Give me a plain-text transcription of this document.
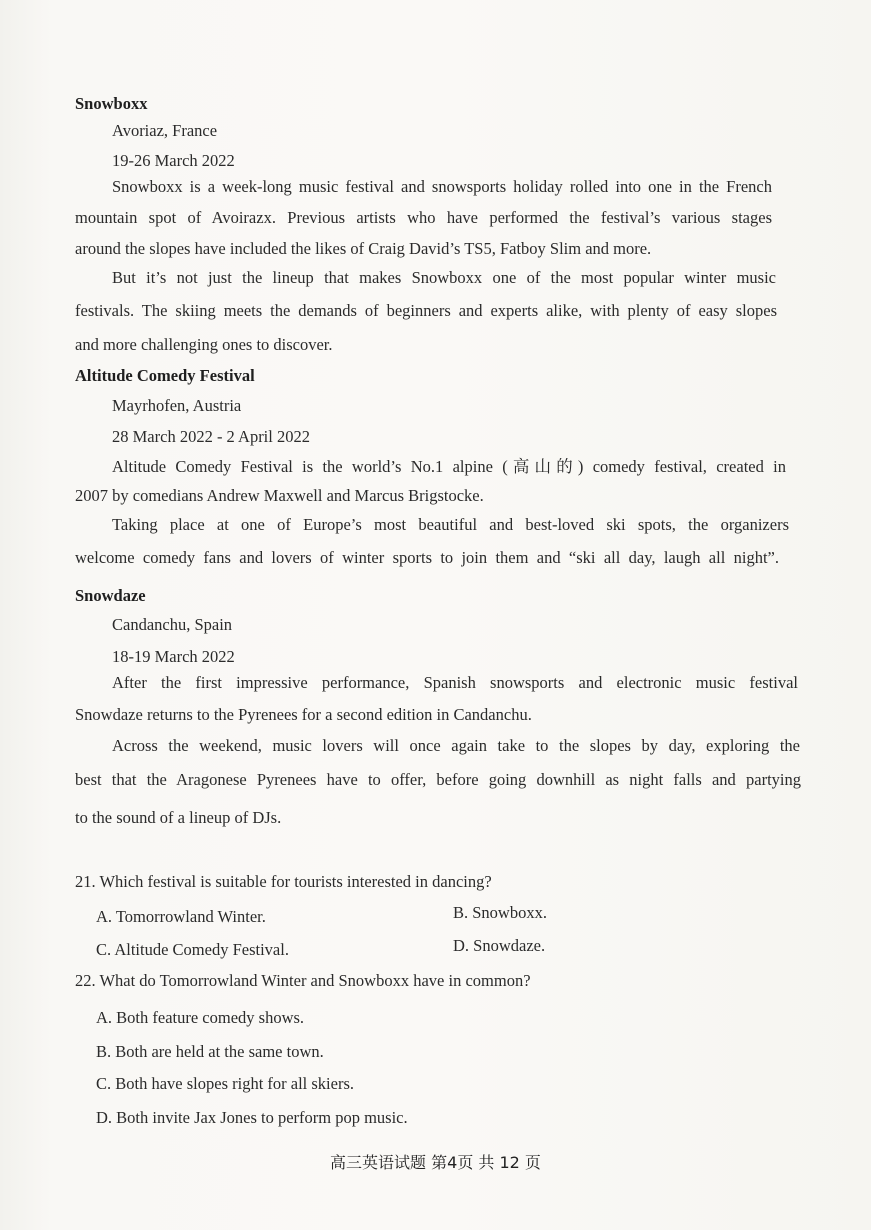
Snowboxx
Avoriaz, France
19-26 March 2022
Snowboxx is a week-long music festival and snowsports holiday rolled into one in the French
mountain spot of Avoirazx. Previous artists who have performed the festival’s various stages
around the slopes have included the likes of Craig David’s TS5, Fatboy Slim and more.
But it’s not just the lineup that makes Snowboxx one of the most popular winter music
festivals. The skiing meets the demands of beginners and experts alike, with plenty of easy slopes
and more challenging ones to discover.
Altitude Comedy Festival
Mayrhofen, Austria
28 March 2022 - 2 April 2022
Altitude Comedy Festival is the world’s No.1 alpine (高山的) comedy festival, created in
2007 by comedians Andrew Maxwell and Marcus Brigstocke.
Taking place at one of Europe’s most beautiful and best-loved ski spots, the organizers
welcome comedy fans and lovers of winter sports to join them and “ski all day, laugh all night”.
Snowdaze
Candanchu, Spain
18-19 March 2022
After the first impressive performance, Spanish snowsports and electronic music festival
Snowdaze returns to the Pyrenees for a second edition in Candanchu.
Across the weekend, music lovers will once again take to the slopes by day, exploring the
best that the Aragonese Pyrenees have to offer, before going downhill as night falls and partying
to the sound of a lineup of DJs.
21. Which festival is suitable for tourists interested in dancing?
A. Tomorrowland Winter.	B. Snowboxx.
C. Altitude Comedy Festival.	D. Snowdaze.
22. What do Tomorrowland Winter and Snowboxx have in common?
A. Both feature comedy shows.
B. Both are held at the same town.
C. Both have slopes right for all skiers.
D. Both invite Jax Jones to perform pop music.
高三英语试题 第4页 共 12 页
